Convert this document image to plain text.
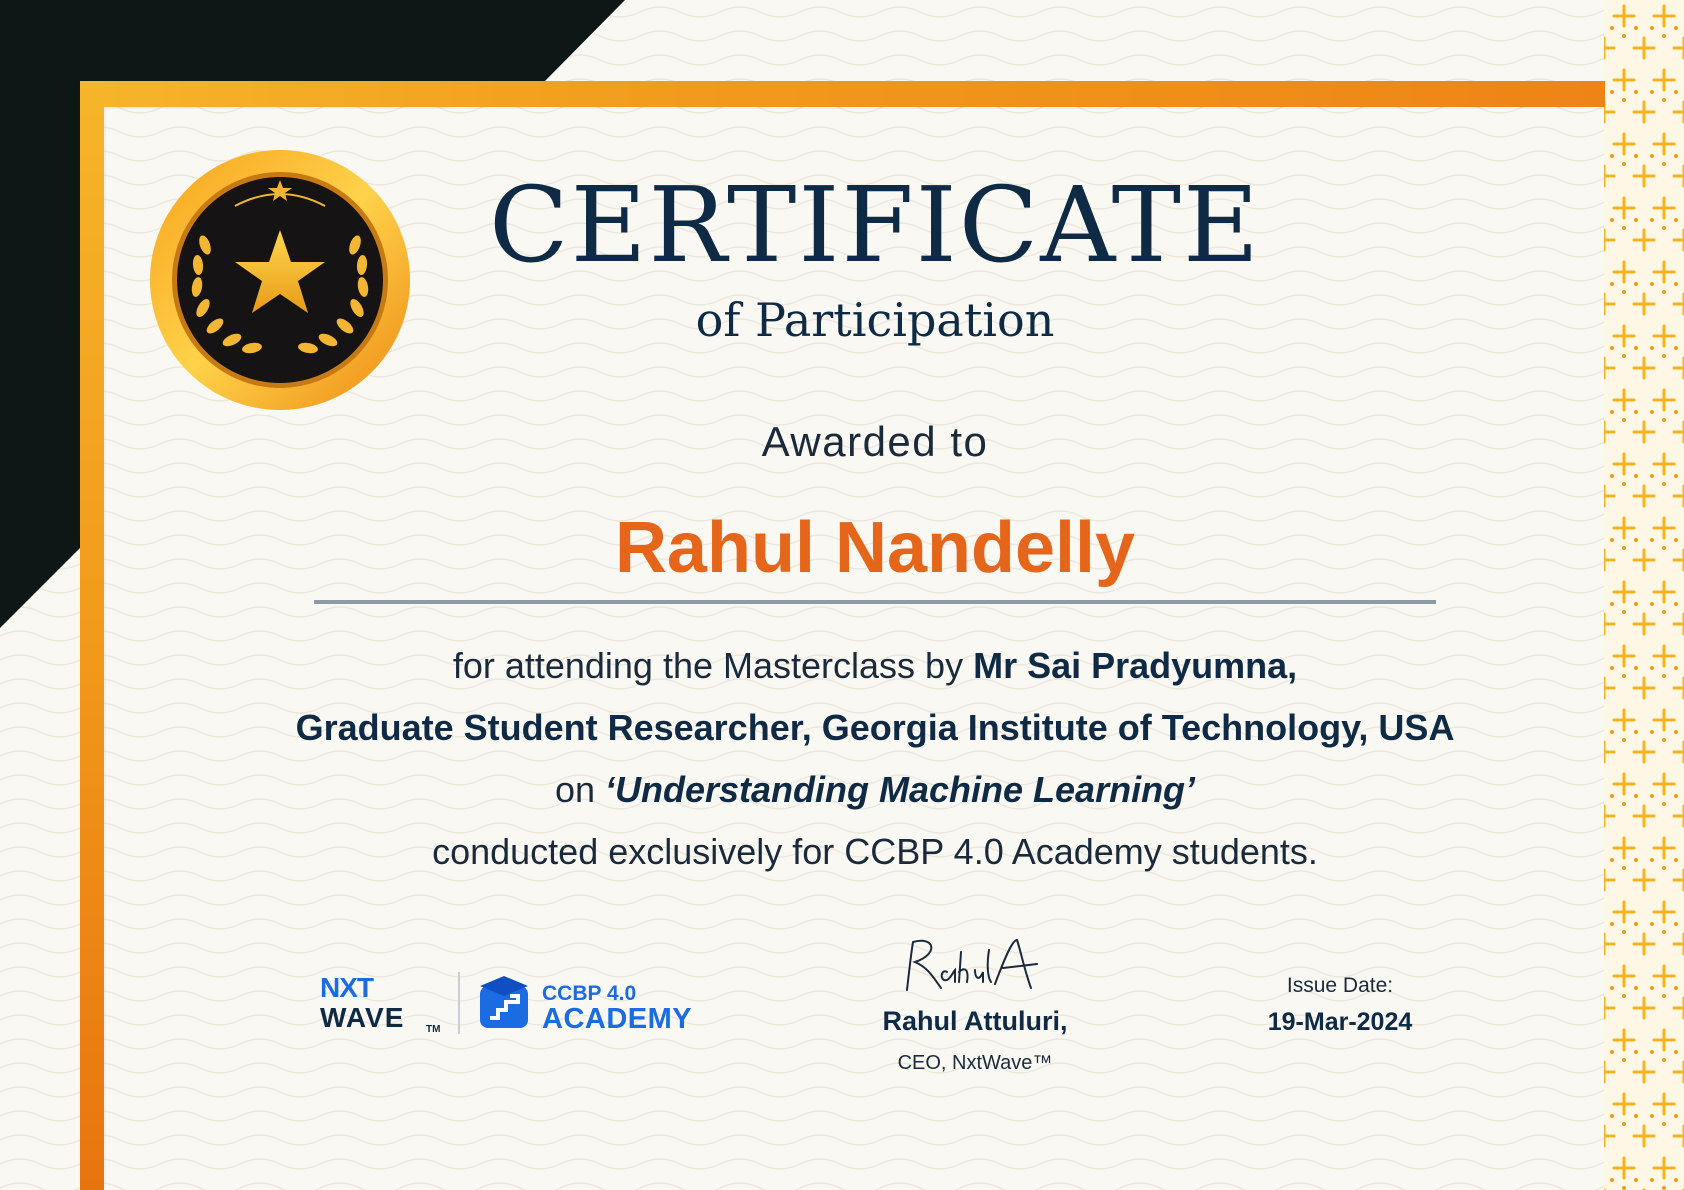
CERTIFICATE
of Participation
Awarded to
Rahul Nandelly
for attending the Masterclass by Mr Sai Pradyumna,
Graduate Student Researcher, Georgia Institute of Technology, USA
on ‘Understanding Machine Learning’
conducted exclusively for CCBP 4.0 Academy students.
NXT
WAVE TM
CCBP 4.0
ACADEMY	Rahul Attuluri,
CEO, NxtWave™
Issue Date:
19-Mar-2024
